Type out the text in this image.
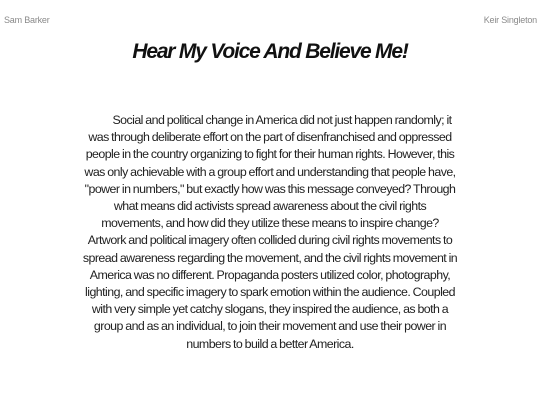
Sam Barker	Keir Singleton
Hear My Voice And Believe Me!

Social and political change in America did not just happen randomly; it was through deliberate effort on the part of disenfranchised and oppressed people in the country organizing to fight for their human rights. However, this was only achievable with a group effort and understanding that people have, "power in numbers," but exactly how was this message conveyed? Through what means did activists spread awareness about the civil rights movements, and how did they utilize these means to inspire change? Artwork and political imagery often collided during civil rights movements to spread awareness regarding the movement, and the civil rights movement in America was no different. Propaganda posters utilized color, photography, lighting, and specific imagery to spark emotion within the audience. Coupled with very simple yet catchy slogans, they inspired the audience, as both a group and as an individual, to join their movement and use their power in numbers to build a better America.
